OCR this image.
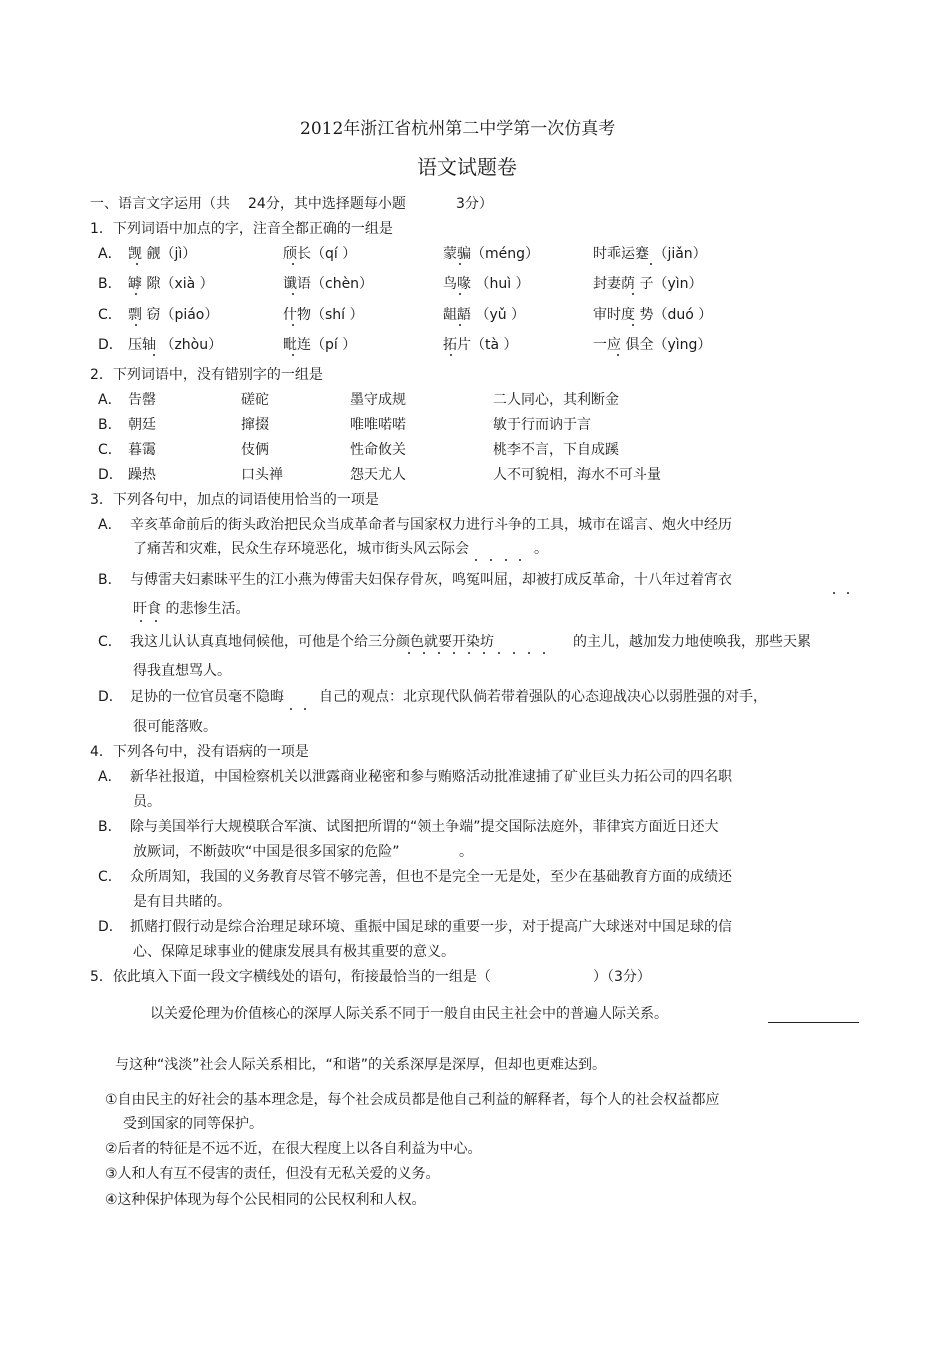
2012年浙江省杭州第二中学第一次仿真考
语文试题卷
一、语言文字运用（共 24分，其中选择题每小题	3分）
1．下列词语中加点的字，注音全都正确的一组是
A． 觊 觎（jì）	颀长（qí ）	蒙骗（méng）	时乖运蹇 （jiǎn）
B． 罅 隙（xià ）	谶语（chèn）	鸟喙 （huì ）	封妻荫 子（yìn）
C． 剽 窃（piáo）	什物（shí ）	龃龉 （yǔ ）	审时度 势（duó ）
D． 压轴 （zhòu）	毗连（pí ）	拓片（tà ）	一应 俱全（yìng）
2．下列词语中，没有错别字的一组是
A． 告罄	磋砣	墨守成规	二人同心，其利断金
B． 朝廷	撺掇	唯唯喏喏	敏于行而讷于言
C． 暮霭	伎俩	性命攸关	桃李不言，下自成蹊
D． 躁热	口头禅	怨天尤人	人不可貌相，海水不可斗量
3．下列各句中，加点的词语使用恰当的一项是
A． 辛亥革命前后的街头政治把民众当成革命者与国家权力进行斗争的工具，城市在谣言、炮火中经历
了痛苦和灾难，民众生存环境恶化，城市街头风云际会	。
B． 与傅雷夫妇素昧平生的江小燕为傅雷夫妇保存骨灰，鸣冤叫屈，却被打成反革命，十八年过着宵衣
旰食 的悲惨生活。
C． 我这儿认认真真地伺候他，可他是个给三分颜色就要开染坊	的主儿，越加发力地使唤我，那些天累
得我直想骂人。
D． 足协的一位官员毫不隐晦	自己的观点：北京现代队倘若带着强队的心态迎战决心以弱胜强的对手，
很可能落败。
4．下列各句中，没有语病的一项是
A． 新华社报道，中国检察机关以泄露商业秘密和参与贿赂活动批准逮捕了矿业巨头力拓公司的四名职
员。
B． 除与美国举行大规模联合军演、试图把所谓的“领土争端”提交国际法庭外，菲律宾方面近日还大
放厥词，不断鼓吹“中国是很多国家的危险”	。
C． 众所周知，我国的义务教育尽管不够完善，但也不是完全一无是处，至少在基础教育方面的成绩还
是有目共睹的。
D． 抓赌打假行动是综合治理足球环境、重振中国足球的重要一步，对于提高广大球迷对中国足球的信
心、保障足球事业的健康发展具有极其重要的意义。
5．依此填入下面一段文字横线处的语句，衔接最恰当的一组是（	）（3分）
以关爱伦理为价值核心的深厚人际关系不同于一般自由民主社会中的普遍人际关系。
与这种“浅淡”社会人际关系相比，“和谐”的关系深厚是深厚，但却也更难达到。
①自由民主的好社会的基本理念是，每个社会成员都是他自己利益的解释者，每个人的社会权益都应
受到国家的同等保护。
②后者的特征是不远不近，在很大程度上以各自利益为中心。
③人和人有互不侵害的责任，但没有无私关爱的义务。
④这种保护体现为每个公民相同的公民权利和人权。
